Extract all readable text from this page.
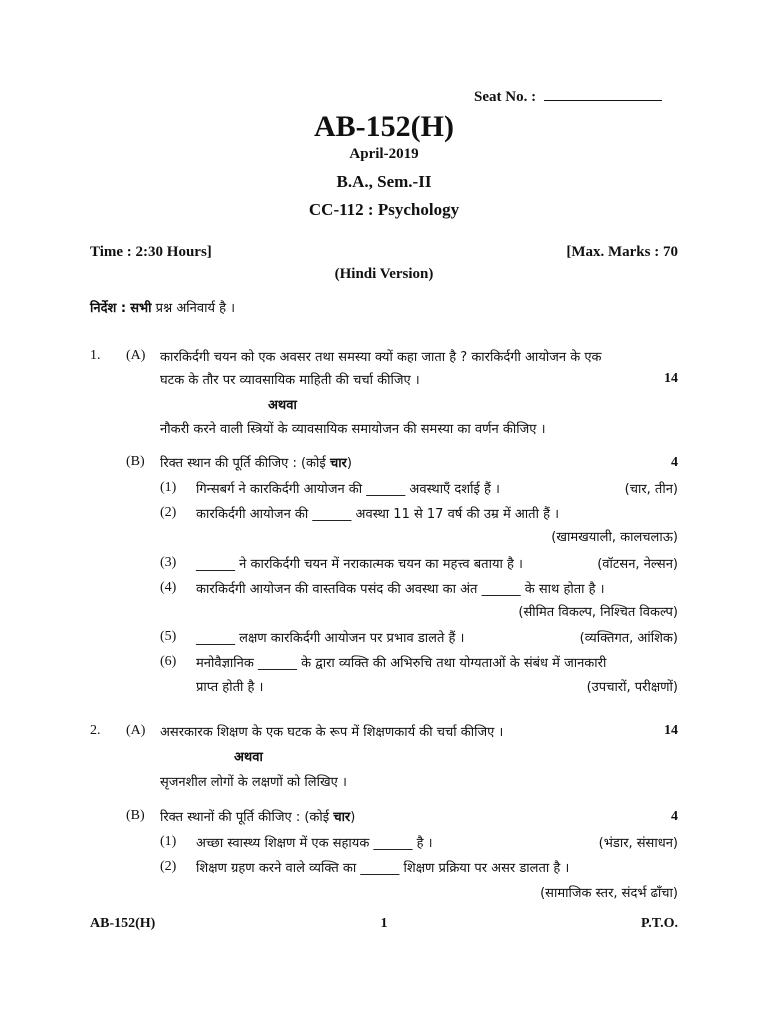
Seat No. :
AB-152(H)
April-2019
B.A., Sem.-II
CC-112 : Psychology
Time : 2:30 Hours]	[Max. Marks : 70
(Hindi Version)
निर्देश : सभी प्रश्न अनिवार्य है ।
1. (A) कारकिर्दगी चयन को एक अवसर तथा समस्या क्यों कहा जाता है ? कारकिर्दगी आयोजन के एक
घटक के तौर पर व्यावसायिक माहिती की चर्चा कीजिए ।	14
अथवा
नौकरी करने वाली स्त्रियों के व्यावसायिक समायोजन की समस्या का वर्णन कीजिए ।
(B) रिक्त स्थान की पूर्ति कीजिए : (कोई चार)	4
(1) गिन्सबर्ग ने कारकिर्दगी आयोजन की ______ अवस्थाएँ दर्शाई हैं ।	(चार, तीन)
(2) कारकिर्दगी आयोजन की ______ अवस्था 11 से 17 वर्ष की उम्र में आती हैं ।
(खामखयाली, कालचलाऊ)
(3) ______ ने कारकिर्दगी चयन में नराकात्मक चयन का महत्त्व बताया है ।	(वॉटसन, नेल्सन)
(4) कारकिर्दगी आयोजन की वास्तविक पसंद की अवस्था का अंत ______ के साथ होता है ।
(सीमित विकल्प, निश्चित विकल्प)
(5) ______ लक्षण कारकिर्दगी आयोजन पर प्रभाव डालते हैं ।	(व्यक्तिगत, आंशिक)
(6) मनोवैज्ञानिक ______ के द्वारा व्यक्ति की अभिरुचि तथा योग्यताओं के संबंध में जानकारी
प्राप्त होती है ।	(उपचारों, परीक्षणों)
2. (A) असरकारक शिक्षण के एक घटक के रूप में शिक्षणकार्य की चर्चा कीजिए ।	14
अथवा
सृजनशील लोगों के लक्षणों को लिखिए ।
(B) रिक्त स्थानों की पूर्ति कीजिए : (कोई चार)	4
(1) अच्छा स्वास्थ्य शिक्षण में एक सहायक ______ है ।	(भंडार, संसाधन)
(2) शिक्षण ग्रहण करने वाले व्यक्ति का ______ शिक्षण प्रक्रिया पर असर डालता है ।
(सामाजिक स्तर, संदर्भ ढाँचा)
AB-152(H)	1	P.T.O.
